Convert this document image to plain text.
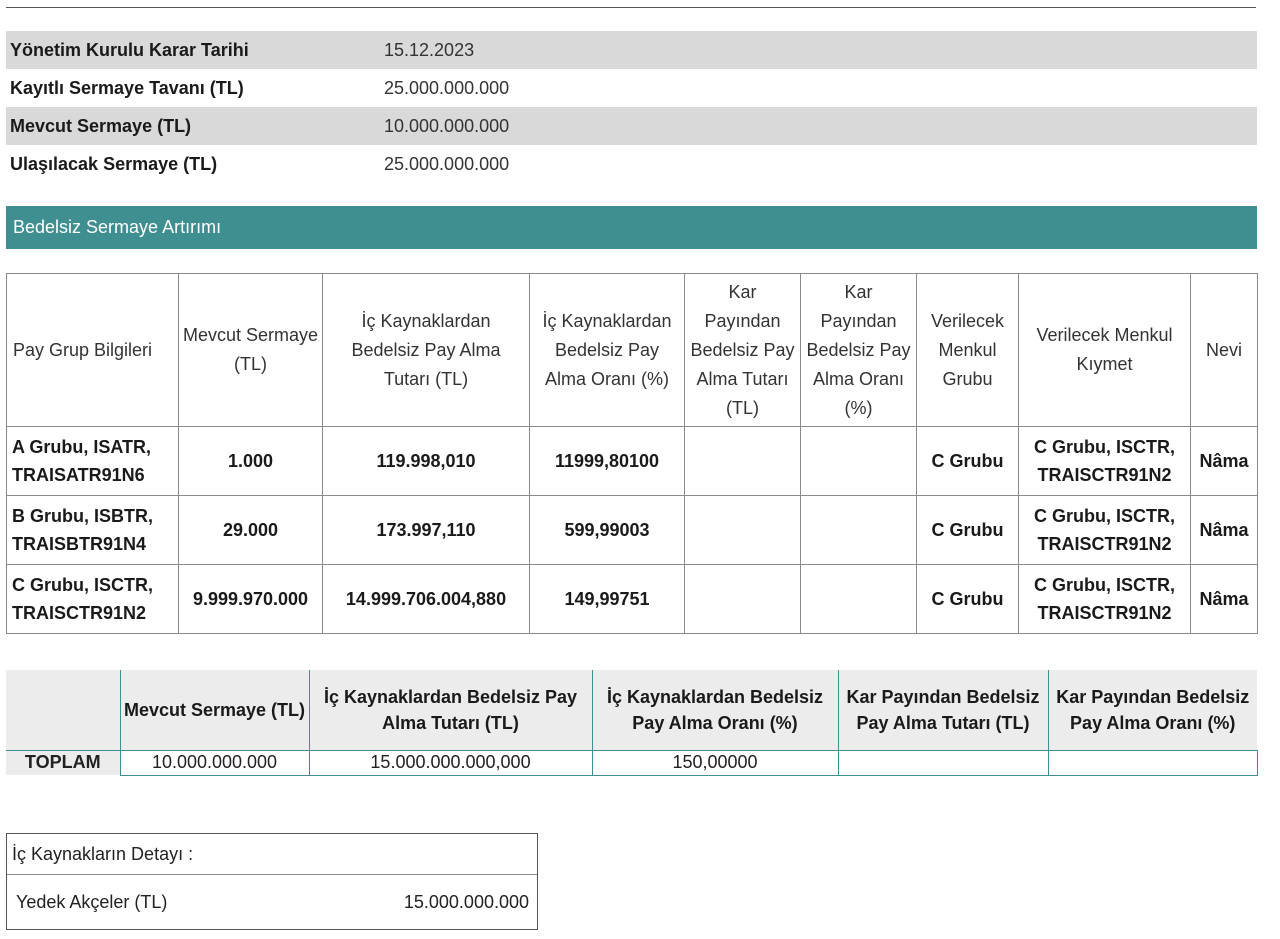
Yönetim Kurulu Karar Tarihi	15.12.2023
Kayıtlı Sermaye Tavanı (TL)	25.000.000.000
Mevcut Sermaye (TL)	10.000.000.000
Ulaşılacak Sermaye (TL)	25.000.000.000
Bedelsiz Sermaye Artırımı
Pay Grup Bilgileri	Mevcut Sermaye (TL)	İç Kaynaklardan Bedelsiz Pay Alma Tutarı (TL)	İç Kaynaklardan Bedelsiz Pay Alma Oranı (%)	Kar Payından Bedelsiz Pay Alma Tutarı (TL)	Kar Payından Bedelsiz Pay Alma Oranı (%)	Verilecek Menkul Grubu	Verilecek Menkul Kıymet	Nevi
A Grubu, ISATR, TRAISATR91N6	1.000	119.998,010	11999,80100			C Grubu	C Grubu, ISCTR, TRAISCTR91N2	Nâma
B Grubu, ISBTR, TRAISBTR91N4	29.000	173.997,110	599,99003			C Grubu	C Grubu, ISCTR, TRAISCTR91N2	Nâma
C Grubu, ISCTR, TRAISCTR91N2	9.999.970.000	14.999.706.004,880	149,99751			C Grubu	C Grubu, ISCTR, TRAISCTR91N2	Nâma
	Mevcut Sermaye (TL)	İç Kaynaklardan Bedelsiz Pay Alma Tutarı (TL)	İç Kaynaklardan Bedelsiz Pay Alma Oranı (%)	Kar Payından Bedelsiz Pay Alma Tutarı (TL)	Kar Payından Bedelsiz Pay Alma Oranı (%)
TOPLAM	10.000.000.000	15.000.000.000,000	150,00000		
İç Kaynakların Detayı :
Yedek Akçeler (TL)	15.000.000.000
